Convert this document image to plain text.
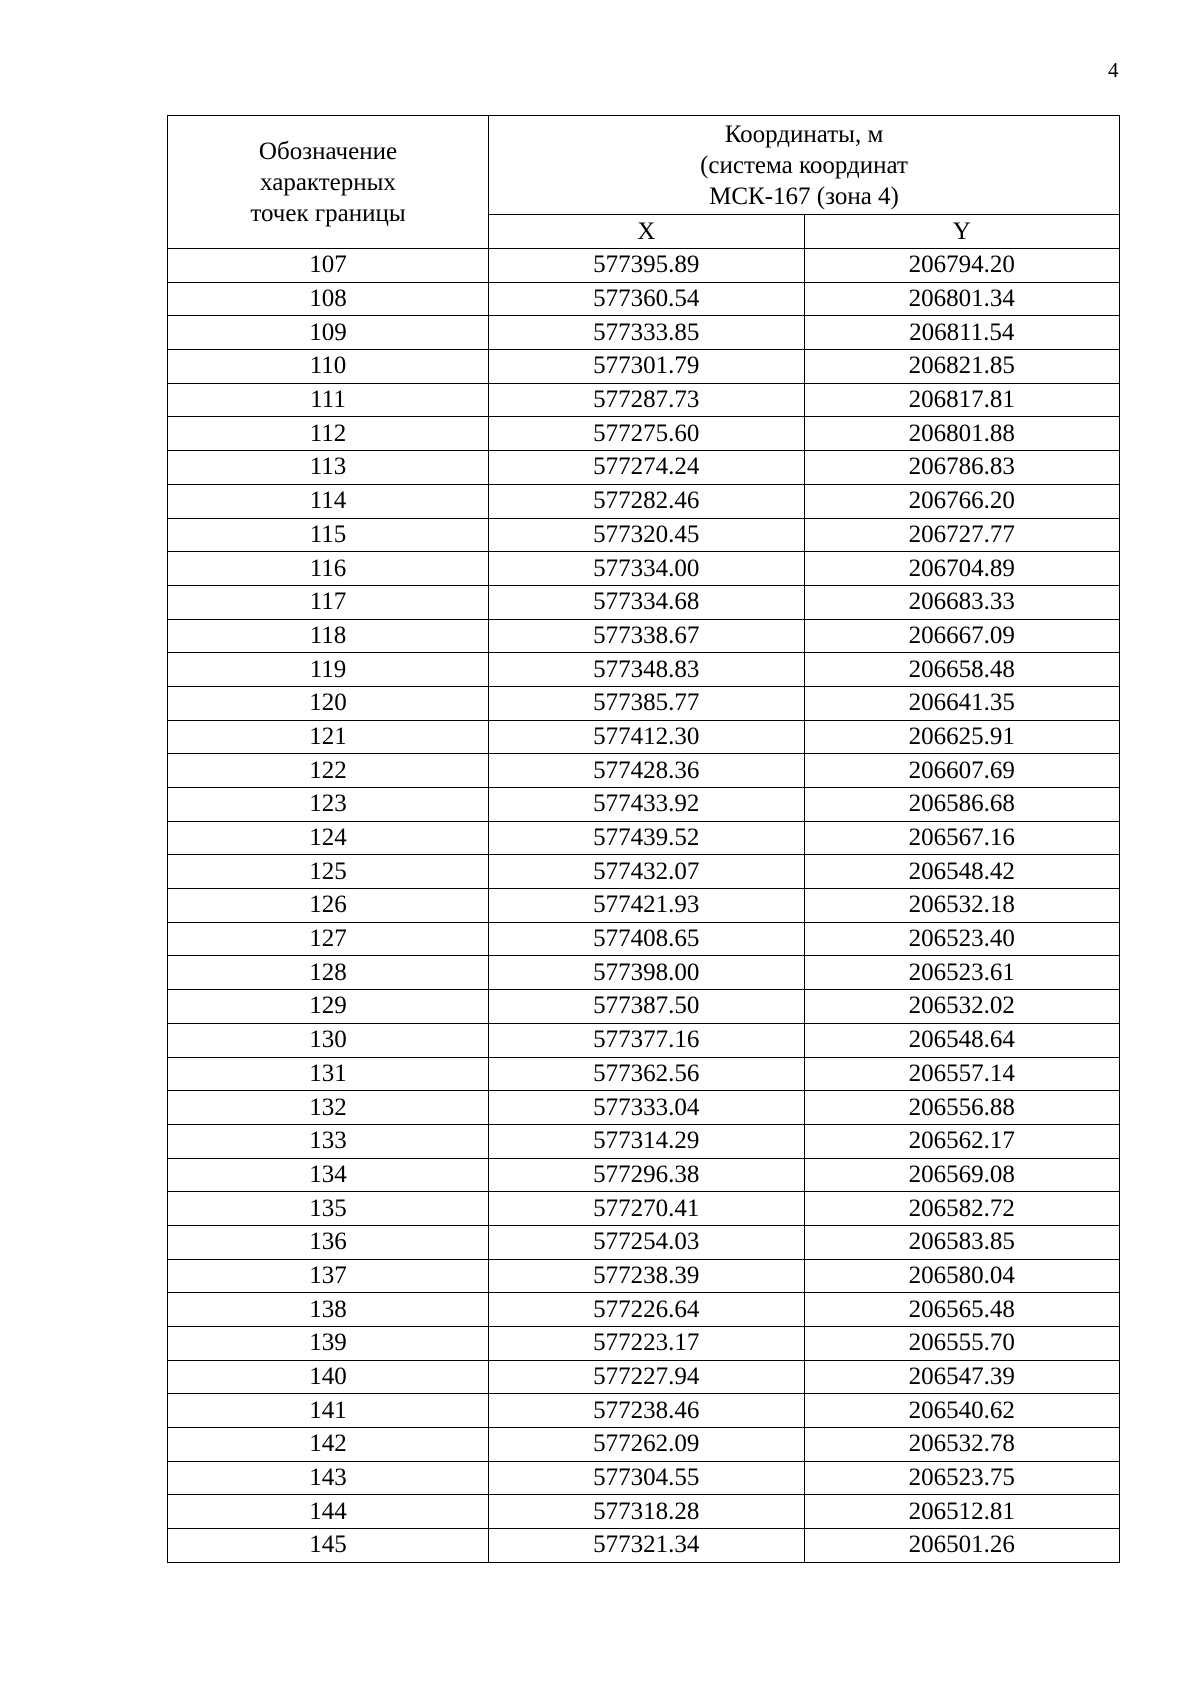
4
Обозначение
характерных
точек границы	Координаты, м
(система координат
МСК-167 (зона 4)	

	X	Y
107	577395.89	206794.20
108	577360.54	206801.34
109	577333.85	206811.54
110	577301.79	206821.85
111	577287.73	206817.81
112	577275.60	206801.88
113	577274.24	206786.83
114	577282.46	206766.20
115	577320.45	206727.77
116	577334.00	206704.89
117	577334.68	206683.33
118	577338.67	206667.09
119	577348.83	206658.48
120	577385.77	206641.35
121	577412.30	206625.91
122	577428.36	206607.69
123	577433.92	206586.68
124	577439.52	206567.16
125	577432.07	206548.42
126	577421.93	206532.18
127	577408.65	206523.40
128	577398.00	206523.61
129	577387.50	206532.02
130	577377.16	206548.64
131	577362.56	206557.14
132	577333.04	206556.88
133	577314.29	206562.17
134	577296.38	206569.08
135	577270.41	206582.72
136	577254.03	206583.85
137	577238.39	206580.04
138	577226.64	206565.48
139	577223.17	206555.70
140	577227.94	206547.39
141	577238.46	206540.62
142	577262.09	206532.78
143	577304.55	206523.75
144	577318.28	206512.81
145	577321.34	206501.26
